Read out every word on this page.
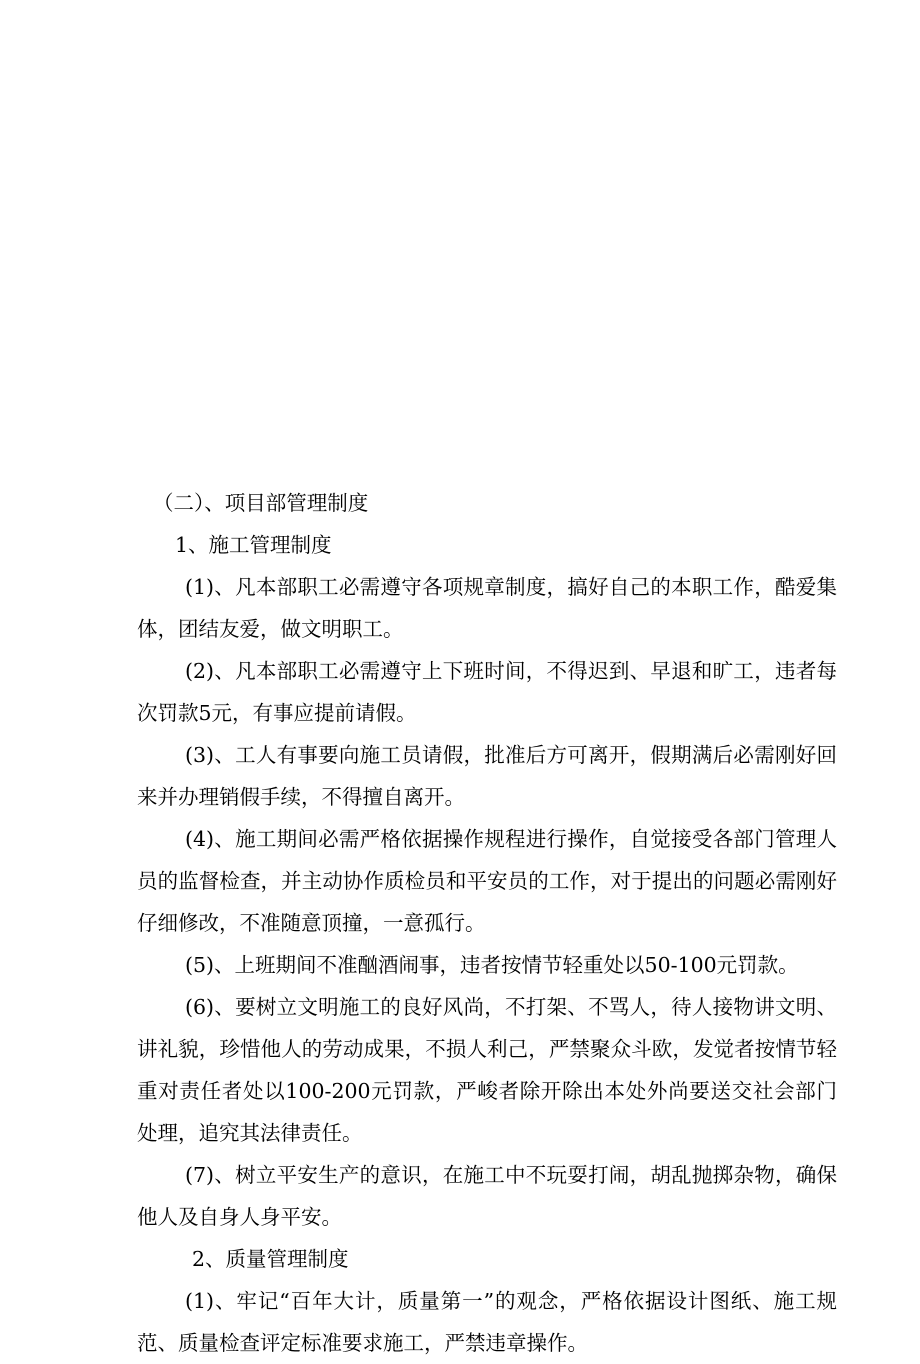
（二）、项目部管理制度

1、施工管理制度

(1)、凡本部职工必需遵守各项规章制度，搞好自己的本职工作，酷爱集体，团结友爱，做文明职工。

(2)、凡本部职工必需遵守上下班时间，不得迟到、早退和旷工，违者每次罚款5元，有事应提前请假。

(3)、工人有事要向施工员请假，批准后方可离开，假期满后必需刚好回来并办理销假手续，不得擅自离开。

(4)、施工期间必需严格依据操作规程进行操作，自觉接受各部门管理人员的监督检查，并主动协作质检员和平安员的工作，对于提出的问题必需刚好仔细修改，不准随意顶撞，一意孤行。

(5)、上班期间不准酗酒闹事，违者按情节轻重处以50-100元罚款。

(6)、要树立文明施工的良好风尚，不打架、不骂人，待人接物讲文明、讲礼貌，珍惜他人的劳动成果，不损人利己，严禁聚众斗欧，发觉者按情节轻重对责任者处以100-200元罚款，严峻者除开除出本处外尚要送交社会部门处理，追究其法律责任。

(7)、树立平安生产的意识，在施工中不玩耍打闹，胡乱抛掷杂物，确保他人及自身人身平安。

2、质量管理制度

(1)、牢记“百年大计，质量第一”的观念，严格依据设计图纸、施工规范、质量检查评定标准要求施工，严禁违章操作。
